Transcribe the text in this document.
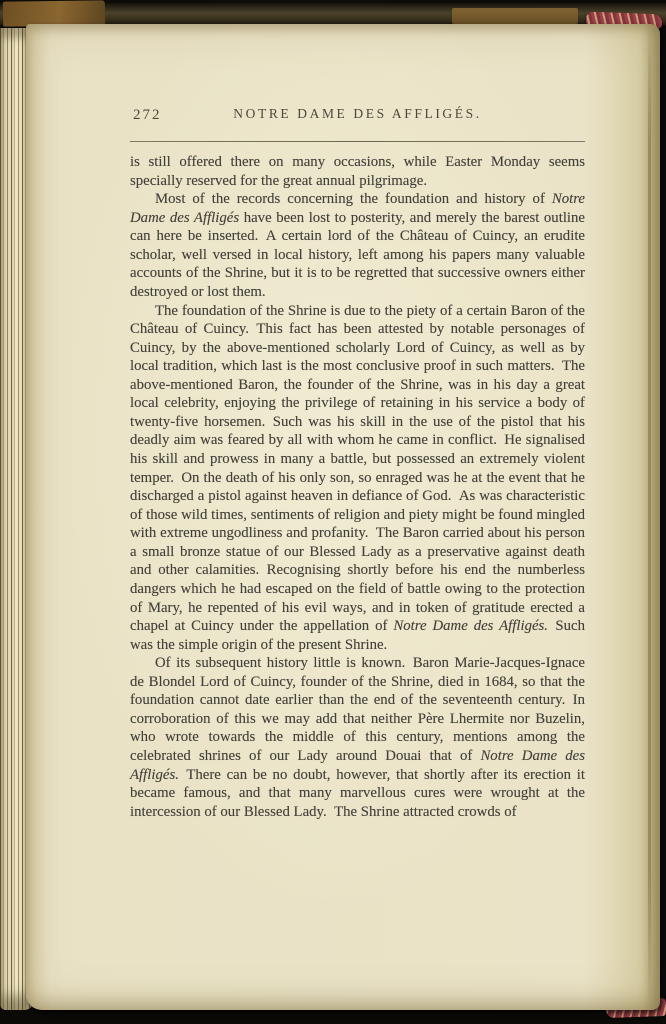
272	NOTRE DAME DES AFFLIGÉS.

is still offered there on many occasions, while Easter Monday seems specially reserved for the great annual pilgrimage.

Most of the records concerning the foundation and history of Notre Dame des Affligés have been lost to posterity, and merely the barest outline can here be inserted. A certain lord of the Château of Cuincy, an erudite scholar, well versed in local history, left among his papers many valuable accounts of the Shrine, but it is to be regretted that successive owners either destroyed or lost them.

The foundation of the Shrine is due to the piety of a certain Baron of the Château of Cuincy. This fact has been attested by notable personages of Cuincy, by the above-mentioned scholarly Lord of Cuincy, as well as by local tradition, which last is the most conclusive proof in such matters. The above-mentioned Baron, the founder of the Shrine, was in his day a great local celebrity, enjoying the privilege of retaining in his service a body of twenty-five horsemen. Such was his skill in the use of the pistol that his deadly aim was feared by all with whom he came in conflict. He signalised his skill and prowess in many a battle, but possessed an extremely violent temper. On the death of his only son, so enraged was he at the event that he discharged a pistol against heaven in defiance of God. As was characteristic of those wild times, sentiments of religion and piety might be found mingled with extreme ungodliness and profanity. The Baron carried about his person a small bronze statue of our Blessed Lady as a preservative against death and other calamities. Recognising shortly before his end the numberless dangers which he had escaped on the field of battle owing to the protection of Mary, he repented of his evil ways, and in token of gratitude erected a chapel at Cuincy under the appellation of Notre Dame des Affligés. Such was the simple origin of the present Shrine.

Of its subsequent history little is known. Baron Marie-Jacques-Ignace de Blondel Lord of Cuincy, founder of the Shrine, died in 1684, so that the foundation cannot date earlier than the end of the seventeenth century. In corroboration of this we may add that neither Père Lhermite nor Buzelin, who wrote towards the middle of this century, mentions among the celebrated shrines of our Lady around Douai that of Notre Dame des Affligés. There can be no doubt, however, that shortly after its erection it became famous, and that many marvellous cures were wrought at the intercession of our Blessed Lady. The Shrine attracted crowds of
